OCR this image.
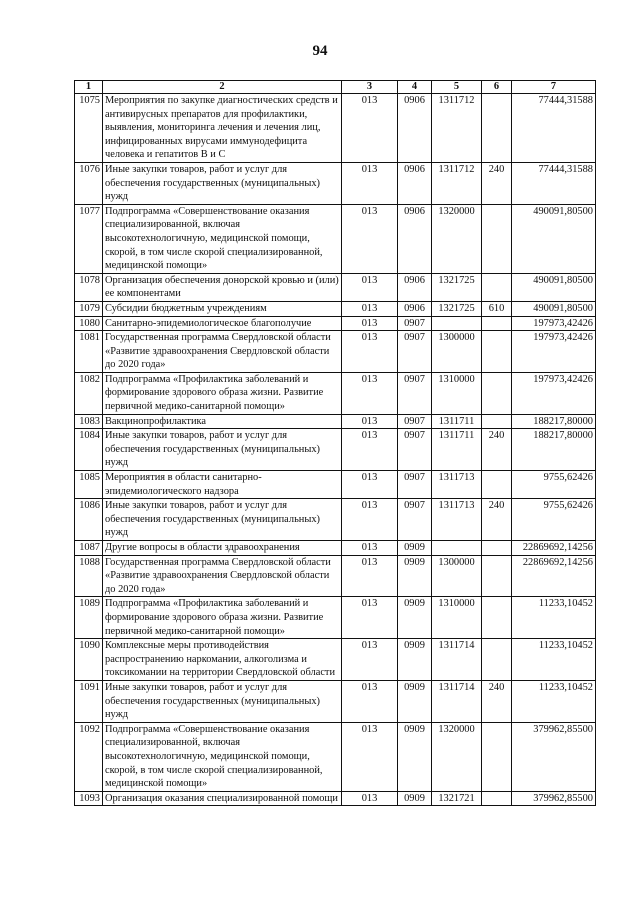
94
1	2	3	4	5	6	7
1075	Мероприятия по закупке диагностических средств и антивирусных препаратов для профилактики, выявления, мониторинга лечения и лечения лиц, инфицированных вирусами иммунодефицита человека и гепатитов В и С	013	0906	1311712		77444,31588
1076	Иные закупки товаров, работ и услуг для обеспечения государственных (муниципальных) нужд	013	0906	1311712	240	77444,31588
1077	Подпрограмма «Совершенствование оказания специализированной, включая высокотехнологичную, медицинской помощи, скорой, в том числе скорой специализированной, медицинской помощи»	013	0906	1320000		490091,80500
1078	Организация обеспечения донорской кровью и (или) ее компонентами	013	0906	1321725		490091,80500
1079	Субсидии бюджетным учреждениям	013	0906	1321725	610	490091,80500
1080	Санитарно-эпидемиологическое благополучие	013	0907			197973,42426
1081	Государственная программа Свердловской области «Развитие здравоохранения Свердловской области до 2020 года»	013	0907	1300000		197973,42426
1082	Подпрограмма «Профилактика заболеваний и формирование здорового образа жизни. Развитие первичной медико-санитарной помощи»	013	0907	1310000		197973,42426
1083	Вакцинопрофилактика	013	0907	1311711		188217,80000
1084	Иные закупки товаров, работ и услуг для обеспечения государственных (муниципальных) нужд	013	0907	1311711	240	188217,80000
1085	Мероприятия в области санитарно-эпидемиологического надзора	013	0907	1311713		9755,62426
1086	Иные закупки товаров, работ и услуг для обеспечения государственных (муниципальных) нужд	013	0907	1311713	240	9755,62426
1087	Другие вопросы в области здравоохранения	013	0909			22869692,14256
1088	Государственная программа Свердловской области «Развитие здравоохранения Свердловской области до 2020 года»	013	0909	1300000		22869692,14256
1089	Подпрограмма «Профилактика заболеваний и формирование здорового образа жизни. Развитие первичной медико-санитарной помощи»	013	0909	1310000		11233,10452
1090	Комплексные меры противодействия распространению наркомании, алкоголизма и токсикомании на территории Свердловской области	013	0909	1311714		11233,10452
1091	Иные закупки товаров, работ и услуг для обеспечения государственных (муниципальных) нужд	013	0909	1311714	240	11233,10452
1092	Подпрограмма «Совершенствование оказания специализированной, включая высокотехнологичную, медицинской помощи, скорой, в том числе скорой специализированной, медицинской помощи»	013	0909	1320000		379962,85500
1093	Организация оказания специализированной помощи	013	0909	1321721		379962,85500
